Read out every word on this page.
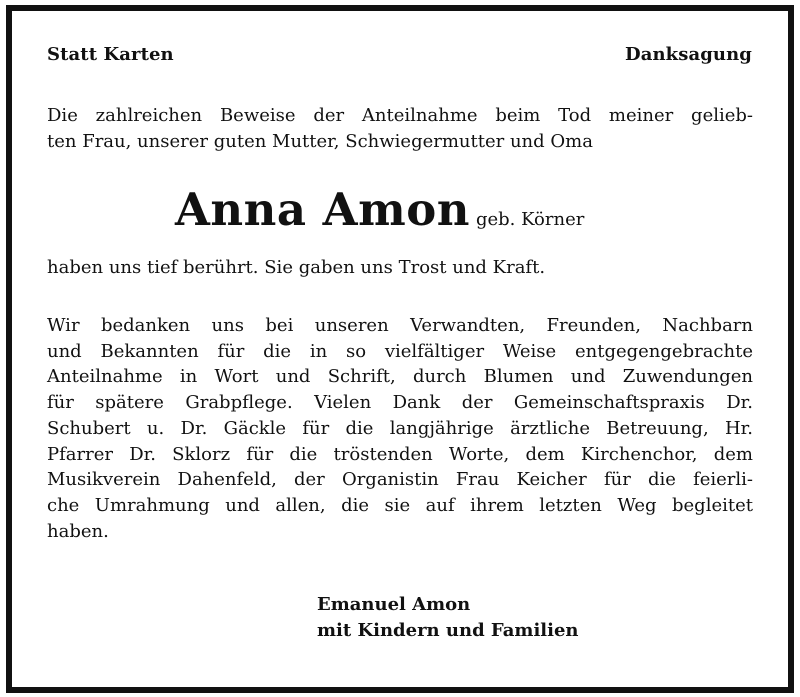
Statt Karten	Danksagung
Die zahlreichen Beweise der Anteilnahme beim Tod meiner gelieb-
ten Frau, unserer guten Mutter, Schwiegermutter und Oma
Anna Amon geb. Körner
haben uns tief berührt. Sie gaben uns Trost und Kraft.
Wir bedanken uns bei unseren Verwandten, Freunden, Nachbarn
und Bekannten für die in so vielfältiger Weise entgegengebrachte
Anteilnahme in Wort und Schrift, durch Blumen und Zuwendungen
für spätere Grabpflege. Vielen Dank der Gemeinschaftspraxis Dr.
Schubert u. Dr. Gäckle für die langjährige ärztliche Betreuung, Hr.
Pfarrer Dr. Sklorz für die tröstenden Worte, dem Kirchenchor, dem
Musikverein Dahenfeld, der Organistin Frau Keicher für die feierli-
che Umrahmung und allen, die sie auf ihrem letzten Weg begleitet
haben.
Emanuel Amon
mit Kindern und Familien
